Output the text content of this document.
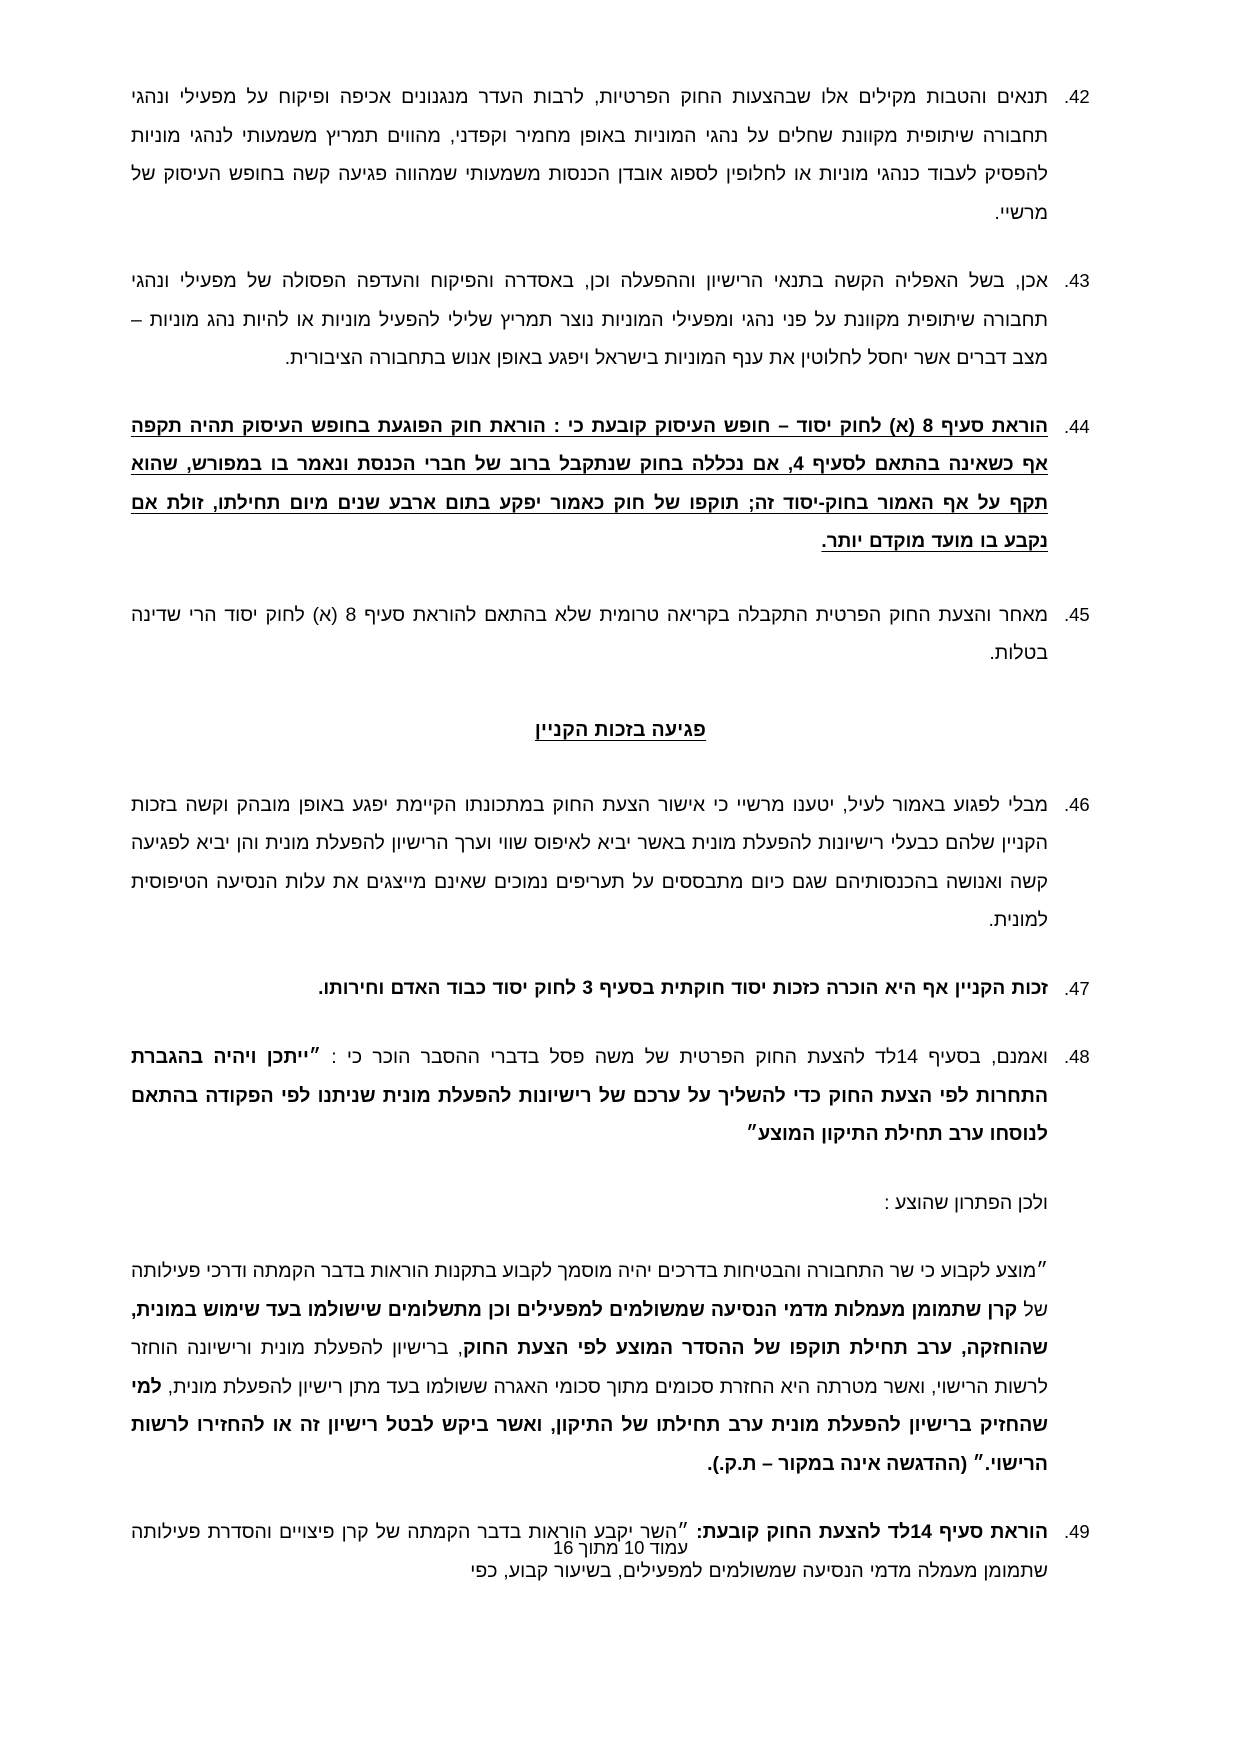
.42
תנאים והטבות מקילים אלו שבהצעות החוק הפרטיות, לרבות העדר מנגנונים אכיפה ופיקוח על מפעילי ונהגי תחבורה שיתופית מקוונת שחלים על נהגי המוניות באופן מחמיר וקפדני, מהווים תמריץ משמעותי לנהגי מוניות להפסיק לעבוד כנהגי מוניות או לחלופין לספוג אובדן הכנסות משמעותי שמהווה פגיעה קשה בחופש העיסוק של מרשיי.
.43
אכן, בשל האפליה הקשה בתנאי הרישיון וההפעלה וכן, באסדרה והפיקוח והעדפה הפסולה של מפעילי ונהגי תחבורה שיתופית מקוונת על פני נהגי ומפעילי המוניות נוצר תמריץ שלילי להפעיל מוניות או להיות נהג מוניות – מצב דברים אשר יחסל לחלוטין את ענף המוניות בישראל ויפגע באופן אנוש בתחבורה הציבורית.
.44
הוראת סעיף 8 (א) לחוק יסוד – חופש העיסוק קובעת כי : הוראת חוק הפוגעת בחופש העיסוק תהיה תקפה אף כשאינה בהתאם לסעיף 4, אם נכללה בחוק שנתקבל ברוב של חברי הכנסת ונאמר בו במפורש, שהוא תקף על אף האמור בחוק-יסוד זה; תוקפו של חוק כאמור יפקע בתום ארבע שנים מיום תחילתו, זולת אם נקבע בו מועד מוקדם יותר.
.45
מאחר והצעת החוק הפרטית התקבלה בקריאה טרומית שלא בהתאם להוראת סעיף 8 (א) לחוק יסוד הרי שדינה בטלות.
פגיעה בזכות הקניין
.46
מבלי לפגוע באמור לעיל, יטענו מרשיי כי אישור הצעת החוק במתכונתו הקיימת יפגע באופן מובהק וקשה בזכות הקניין שלהם כבעלי רישיונות להפעלת מונית באשר יביא לאיפוס שווי וערך הרישיון להפעלת מונית והן יביא לפגיעה קשה ואנושה בהכנסותיהם שגם כיום מתבססים על תעריפים נמוכים שאינם מייצגים את עלות הנסיעה הטיפוסית למונית.
.47
זכות הקניין אף היא הוכרה כזכות יסוד חוקתית בסעיף 3 לחוק יסוד כבוד האדם וחירותו.
.48
ואמנם, בסעיף 14לד להצעת החוק הפרטית של משה פסל בדברי ההסבר הוכר כי : ״ייתכן ויהיה בהגברת התחרות לפי הצעת החוק כדי להשליך על ערכם של רישיונות להפעלת מונית שניתנו לפי הפקודה בהתאם לנוסחו ערב תחילת התיקון המוצע״
ולכן הפתרון שהוצע :
״מוצע לקבוע כי שר התחבורה והבטיחות בדרכים יהיה מוסמך לקבוע בתקנות הוראות בדבר הקמתה ודרכי פעילותה של קרן שתמומן מעמלות מדמי הנסיעה שמשולמים למפעילים וכן מתשלומים שישולמו בעד שימוש במונית, שהוחזקה, ערב תחילת תוקפו של ההסדר המוצע לפי הצעת החוק, ברישיון להפעלת מונית ורישיונה הוחזר לרשות הרישוי, ואשר מטרתה היא החזרת סכומים מתוך סכומי האגרה ששולמו בעד מתן רישיון להפעלת מונית, למי שהחזיק ברישיון להפעלת מונית ערב תחילתו של התיקון, ואשר ביקש לבטל רישיון זה או להחזירו לרשות הרישוי.״ (ההדגשה אינה במקור – ת.ק.).
.49
הוראת סעיף 14לד להצעת החוק קובעת: ״השר יקבע הוראות בדבר הקמתה של קרן פיצויים והסדרת פעילותה שתמומן מעמלה מדמי הנסיעה שמשולמים למפעילים, בשיעור קבוע, כפי
עמוד 10 מתוך 16
